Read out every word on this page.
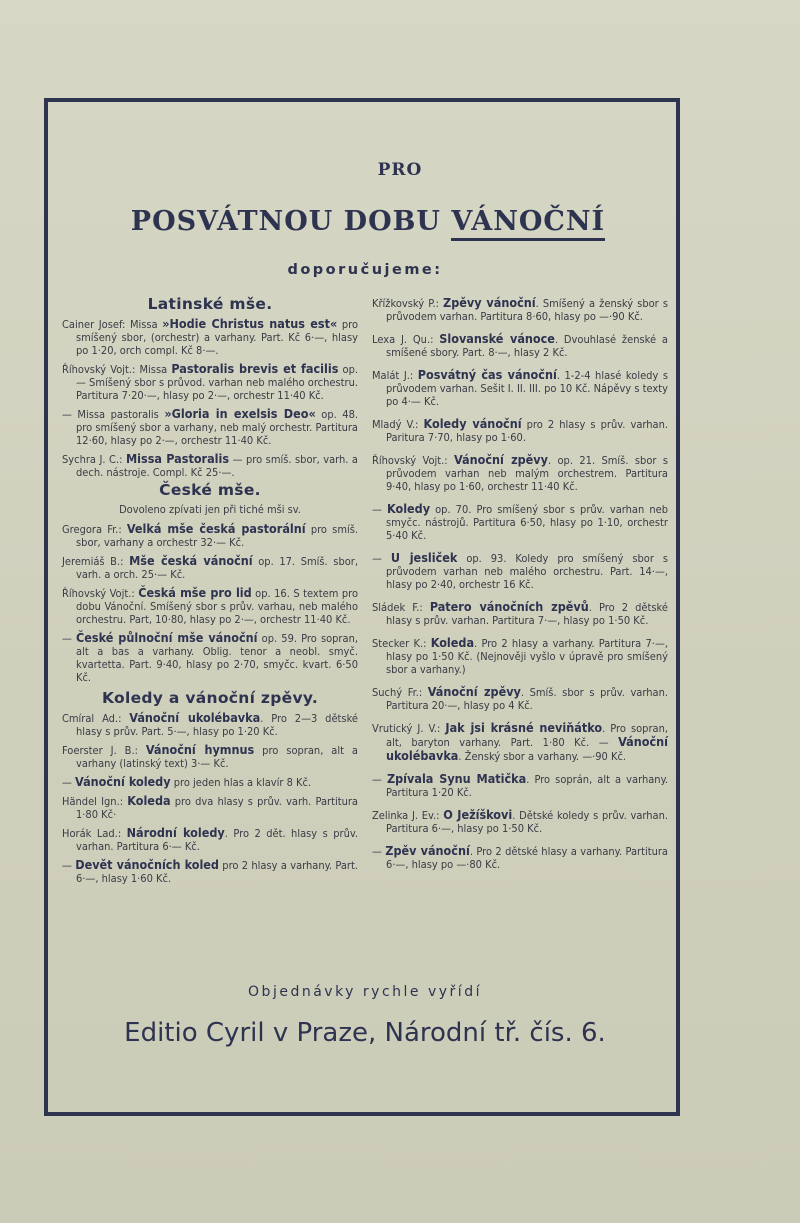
PRO
POSVÁTNOU DOBU VÁNOČNÍ
doporučujeme:
Latinské mše.
Cainer Josef: Missa »Hodie Christus natus est« pro smíšený sbor, (orchestr) a varhany. Part. Kč 6·—, hlasy po 1·20, orch compl. Kč 8·—.
Říhovský Vojt.: Missa Pastoralis brevis et facilis op. — Smíšený sbor s průvod. varhan neb malého orchestru. Partitura 7·20·—, hlasy po 2·—, orchestr 11·40 Kč.
— Missa pastoralis »Gloria in exelsis Deo« op. 48. pro smíšený sbor a varhany, neb malý orchestr. Partitura 12·60, hlasy po 2·—, orchestr 11·40 Kč.
Sychra J. C.: Missa Pastoralis — pro smíš. sbor, varh. a dech. nástroje. Compl. Kč 25·—.
České mše.
Dovoleno zpívati jen při tiché mši sv.
Gregora Fr.: Velká mše česká pastorální pro smíš. sbor, varhany a orchestr 32·— Kč.
Jeremiáš B.: Mše česká vánoční op. 17. Smíš. sbor, varh. a orch. 25·— Kč.
Říhovský Vojt.: Česká mše pro lid op. 16. S textem pro dobu Vánoční. Smíšený sbor s prův. varhau, neb malého orchestru. Part, 10·80, hlasy po 2·—, orchestr 11·40 Kč.
— České půlnoční mše vánoční op. 59. Pro sopran, alt a bas a varhany. Oblig. tenor a neobl. smyč. kvartetta. Part. 9·40, hlasy po 2·70, smyčc. kvart. 6·50 Kč.
Koledy a vánoční zpěvy.
Cmíral Ad.: Vánoční ukolébavka. Pro 2—3 dětské hlasy s prův. Part. 5·—, hlasy po 1·20 Kč.
Foerster J. B.: Vánoční hymnus pro sopran, alt a varhany (latinský text) 3·— Kč.
— Vánoční koledy pro jeden hlas a klavír 8 Kč.
Händel Ign.: Koleda pro dva hlasy s prův. varh. Partitura 1·80 Kč·
Horák Lad.: Národní koledy. Pro 2 dět. hlasy s prův. varhan. Partitura 6·— Kč.
— Devět vánočních koled pro 2 hlasy a varhany. Part. 6·—, hlasy 1·60 Kč.
Křížkovský P.: Zpěvy vánoční. Smíšený a ženský sbor s průvodem varhan. Partitura 8·60, hlasy po —·90 Kč.
Lexa J. Qu.: Slovanské vánoce. Dvouhlasé ženské a smíšené sbory. Part. 8·—, hlasy 2 Kč.
Malát J.: Posvátný čas vánoční. 1-2-4 hlasé koledy s průvodem varhan. Sešit I. II. III. po 10 Kč. Nápěvy s texty po 4·— Kč.
Mladý V.: Koledy vánoční pro 2 hlasy s prův. varhan. Paritura 7·70, hlasy po 1·60.
Říhovský Vojt.: Vánoční zpěvy. op. 21. Smíš. sbor s průvodem varhan neb malým orchestrem. Partitura 9·40, hlasy po 1·60, orchestr 11·40 Kč.
— Koledy op. 70. Pro smíšený sbor s prův. varhan neb smyčc. nástrojů. Partitura 6·50, hlasy po 1·10, orchestr 5·40 Kč.
— U jesliček op. 93. Koledy pro smíšený sbor s průvodem varhan neb malého orchestru. Part. 14·—, hlasy po 2·40, orchestr 16 Kč.
Sládek F.: Patero vánočních zpěvů. Pro 2 dětské hlasy s prův. varhan. Partitura 7·—, hlasy po 1·50 Kč.
Stecker K.: Koleda. Pro 2 hlasy a varhany. Partitura 7·—, hlasy po 1·50 Kč. (Nejnověji vyšlo v úpravě pro smíšený sbor a varhany.)
Suchý Fr.: Vánoční zpěvy. Smíš. sbor s prův. varhan. Partitura 20·—, hlasy po 4 Kč.
Vrutický J. V.: Jak jsi krásné neviňátko. Pro sopran, alt, baryton varhany. Part. 1·80 Kč. — Vánoční ukolébavka. Ženský sbor a varhany. —·90 Kč.
— Zpívala Synu Matička. Pro soprán, alt a varhany. Partitura 1·20 Kč.
Zelinka J. Ev.: O Ježíškovi. Dětské koledy s prův. varhan. Partitura 6·—, hlasy po 1·50 Kč.
— Zpěv vánoční. Pro 2 dětské hlasy a varhany. Partitura 6·—, hlasy po —·80 Kč.
Objednávky rychle vyřídí
Editio Cyril v Praze, Národní tř. čís. 6.
